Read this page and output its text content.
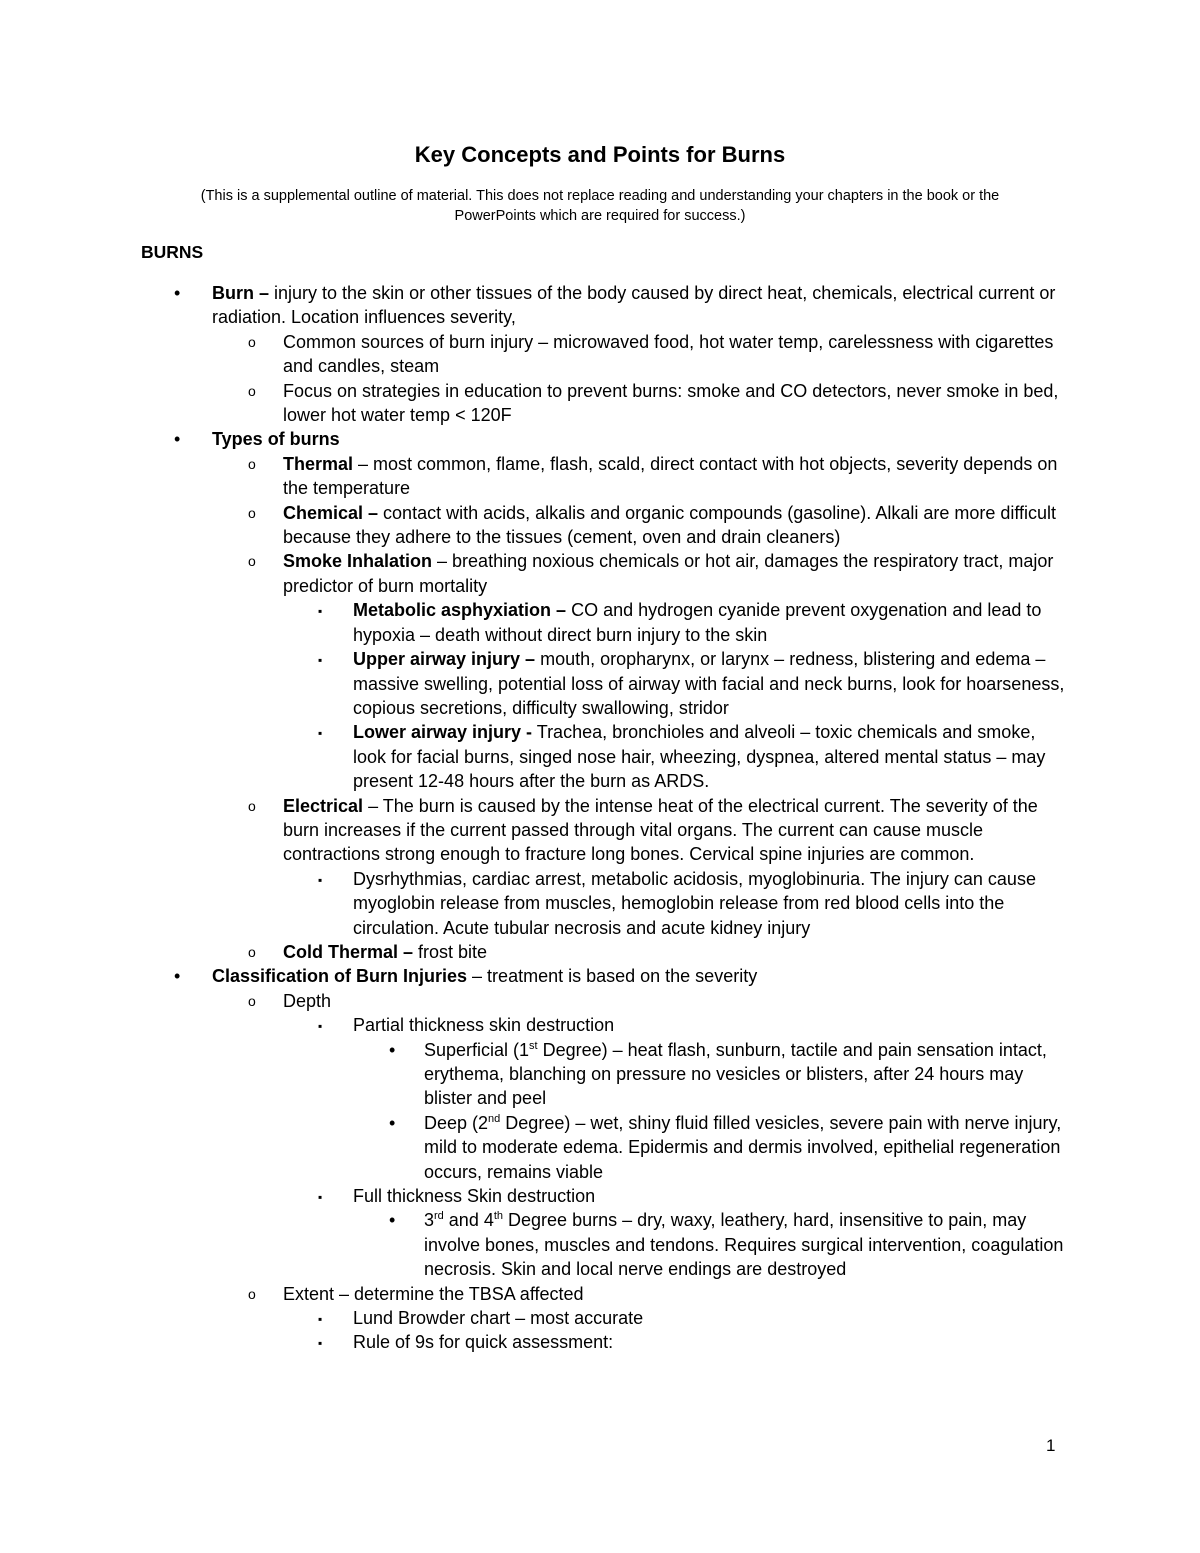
Key Concepts and Points for Burns

(This is a supplemental outline of material. This does not replace reading and understanding your chapters in the book or the PowerPoints which are required for success.)

BURNS

• Burn – injury to the skin or other tissues of the body caused by direct heat, chemicals, electrical current or radiation. Location influences severity,

o Common sources of burn injury – microwaved food, hot water temp, carelessness with cigarettes and candles, steam

o Focus on strategies in education to prevent burns: smoke and CO detectors, never smoke in bed, lower hot water temp < 120F

• Types of burns

o Thermal – most common, flame, flash, scald, direct contact with hot objects, severity depends on the temperature

o Chemical – contact with acids, alkalis and organic compounds (gasoline). Alkali are more difficult because they adhere to the tissues (cement, oven and drain cleaners)

o Smoke Inhalation – breathing noxious chemicals or hot air, damages the respiratory tract, major predictor of burn mortality

▪ Metabolic asphyxiation – CO and hydrogen cyanide prevent oxygenation and lead to hypoxia – death without direct burn injury to the skin

▪ Upper airway injury – mouth, oropharynx, or larynx – redness, blistering and edema – massive swelling, potential loss of airway with facial and neck burns, look for hoarseness, copious secretions, difficulty swallowing, stridor

▪ Lower airway injury - Trachea, bronchioles and alveoli – toxic chemicals and smoke, look for facial burns, singed nose hair, wheezing, dyspnea, altered mental status – may present 12-48 hours after the burn as ARDS.

o Electrical – The burn is caused by the intense heat of the electrical current. The severity of the burn increases if the current passed through vital organs. The current can cause muscle contractions strong enough to fracture long bones. Cervical spine injuries are common.

▪ Dysrhythmias, cardiac arrest, metabolic acidosis, myoglobinuria. The injury can cause myoglobin release from muscles, hemoglobin release from red blood cells into the circulation. Acute tubular necrosis and acute kidney injury

o Cold Thermal – frost bite

• Classification of Burn Injuries – treatment is based on the severity

o Depth

▪ Partial thickness skin destruction

• Superficial (1st Degree) – heat flash, sunburn, tactile and pain sensation intact, erythema, blanching on pressure no vesicles or blisters, after 24 hours may blister and peel

• Deep (2nd Degree) – wet, shiny fluid filled vesicles, severe pain with nerve injury, mild to moderate edema. Epidermis and dermis involved, epithelial regeneration occurs, remains viable

▪ Full thickness Skin destruction

• 3rd and 4th Degree burns – dry, waxy, leathery, hard, insensitive to pain, may involve bones, muscles and tendons. Requires surgical intervention, coagulation necrosis. Skin and local nerve endings are destroyed

o Extent – determine the TBSA affected

▪ Lund Browder chart – most accurate

▪ Rule of 9s for quick assessment:

1
